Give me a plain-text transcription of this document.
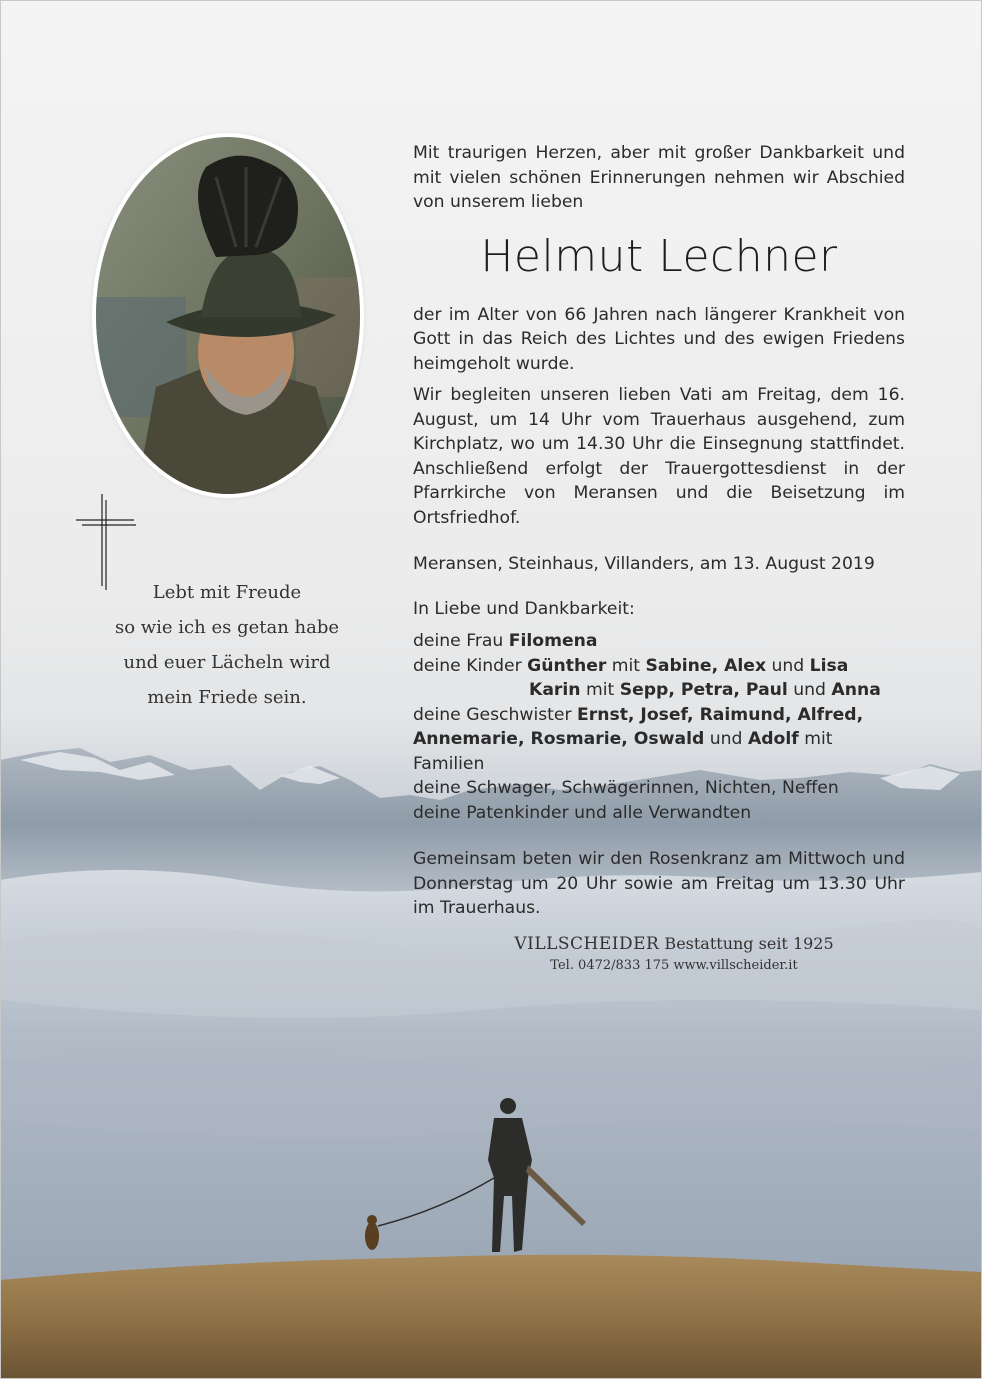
Lebt mit Freude
so wie ich es getan habe
und euer Lächeln wird
mein Friede sein.

Mit traurigen Herzen, aber mit großer Dankbarkeit und mit vielen schönen Erinnerungen nehmen wir Abschied von unserem lieben

Helmut Lechner

der im Alter von 66 Jahren nach längerer Krankheit von Gott in das Reich des Lichtes und des ewigen Friedens heimgeholt wurde.

Wir begleiten unseren lieben Vati am Freitag, dem 16. August, um 14 Uhr vom Trauerhaus ausgehend, zum Kirchplatz, wo um 14.30 Uhr die Einsegnung stattfindet. Anschließend erfolgt der Trauergottesdienst in der Pfarrkirche von Meransen und die Beisetzung im Ortsfriedhof.

Meransen, Steinhaus, Villanders, am 13. August 2019

In Liebe und Dankbarkeit:

deine Frau Filomena

deine Kinder Günther mit Sabine, Alex und Lisa

Karin mit Sepp, Petra, Paul und Anna

deine Geschwister Ernst, Josef, Raimund, Alfred,

Annemarie, Rosmarie, Oswald und Adolf mit Familien

deine Schwager, Schwägerinnen, Nichten, Neffen

deine Patenkinder und alle Verwandten

Gemeinsam beten wir den Rosenkranz am Mittwoch und Donnerstag um 20 Uhr sowie am Freitag um 13.30 Uhr im Trauerhaus.

VILLSCHEIDER Bestattung seit 1925
Tel. 0472/833 175 www.villscheider.it
